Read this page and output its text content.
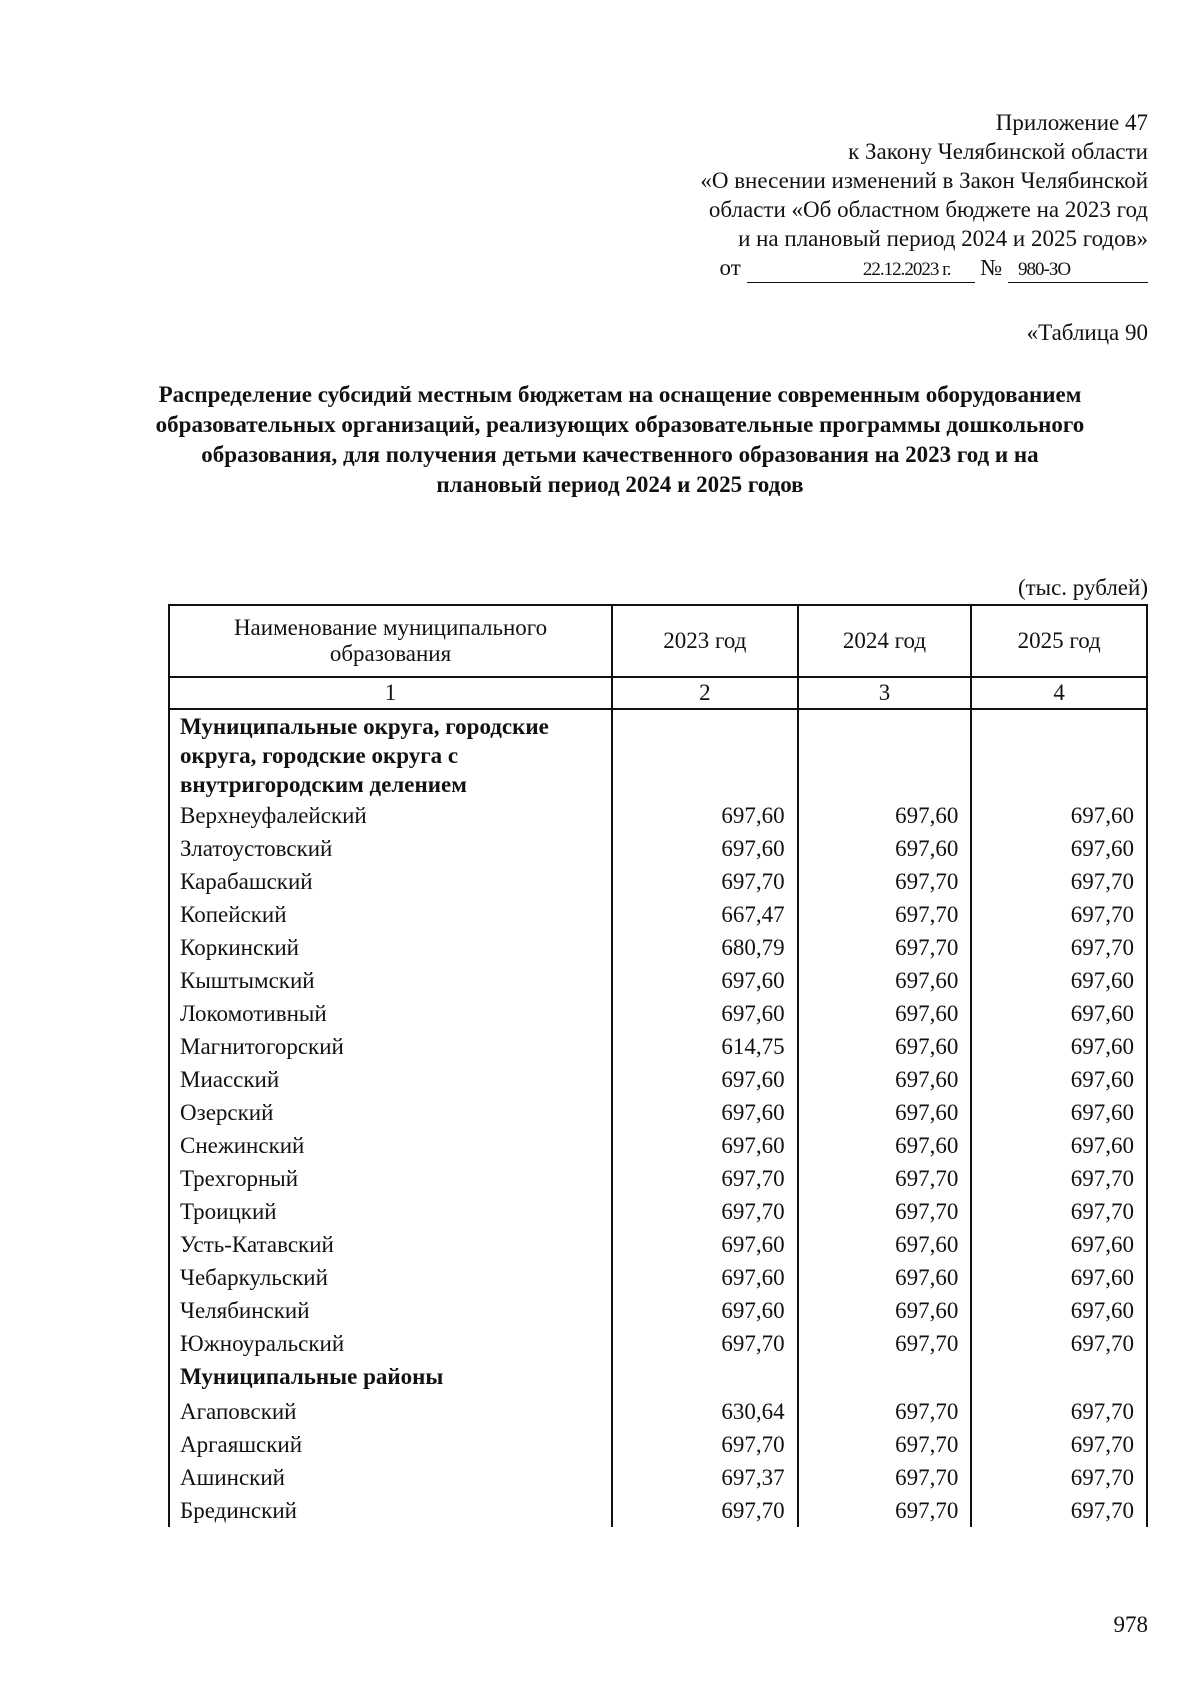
Приложение 47
к Закону Челябинской области
«О внесении изменений в Закон Челябинской
области «Об областном бюджете на 2023 год
и на плановый период 2024 и 2025 годов»
от	22.12.2023 г. № 980-ЗО
«Таблица 90
Распределение субсидий местным бюджетам на оснащение современным оборудованием образовательных организаций, реализующих образовательные программы дошкольного образования, для получения детьми качественного образования на 2023 год и на плановый период 2024 и 2025 годов
(тыс. рублей)
Наименование муниципального образования	2023 год	2024 год	2025 год
1	2	3	4
Муниципальные округа, городские округа, городские округа с внутригородским делением			
Верхнеуфалейский	697,60	697,60	697,60
Златоустовский	697,60	697,60	697,60
Карабашский	697,70	697,70	697,70
Копейский	667,47	697,70	697,70
Коркинский	680,79	697,70	697,70
Кыштымский	697,60	697,60	697,60
Локомотивный	697,60	697,60	697,60
Магнитогорский	614,75	697,60	697,60
Миасский	697,60	697,60	697,60
Озерский	697,60	697,60	697,60
Снежинский	697,60	697,60	697,60
Трехгорный	697,70	697,70	697,70
Троицкий	697,70	697,70	697,70
Усть-Катавский	697,60	697,60	697,60
Чебаркульский	697,60	697,60	697,60
Челябинский	697,60	697,60	697,60
Южноуральский	697,70	697,70	697,70
Муниципальные районы			
Агаповский	630,64	697,70	697,70
Аргаяшский	697,70	697,70	697,70
Ашинский	697,37	697,70	697,70
Брединский	697,70	697,70	697,70
978
